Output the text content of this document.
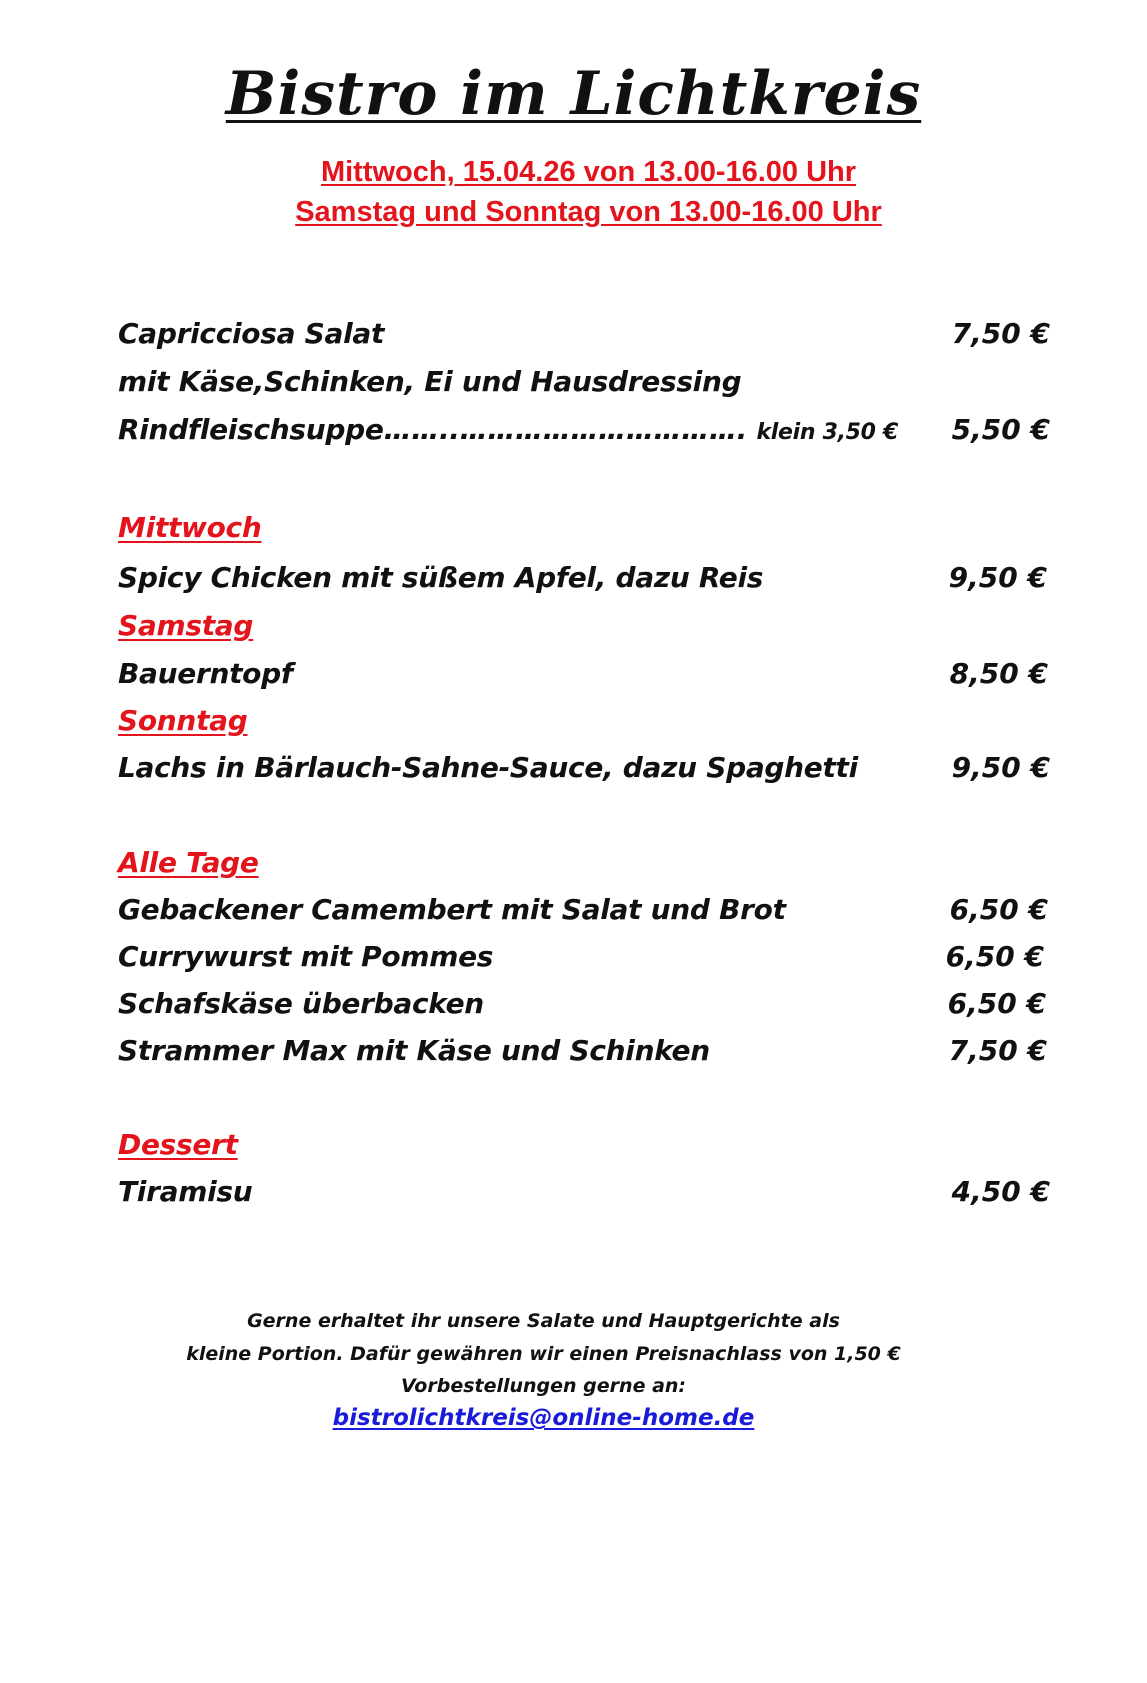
Bistro im Lichtkreis
Mittwoch, 15.04.26 von 13.00-16.00 Uhr
Samstag und Sonntag von 13.00-16.00 Uhr
Capricciosa Salat	7,50 €
mit Käse,Schinken, Ei und Hausdressing
Rindfleischsuppe……..…………………………. klein 3,50 €	5,50 €
Mittwoch
Spicy Chicken mit süßem Apfel, dazu Reis	9,50 €
Samstag
Bauerntopf	8,50 €
Sonntag
Lachs in Bärlauch-Sahne-Sauce, dazu Spaghetti	9,50 €
Alle Tage
Gebackener Camembert mit Salat und Brot	6,50 €
Currywurst mit Pommes	6,50 €
Schafskäse überbacken	6,50 €
Strammer Max mit Käse und Schinken	7,50 €
Dessert
Tiramisu	4,50 €
Gerne erhaltet ihr unsere Salate und Hauptgerichte als
kleine Portion. Dafür gewähren wir einen Preisnachlass von 1,50 €
Vorbestellungen gerne an:
bistrolichtkreis@online-home.de
